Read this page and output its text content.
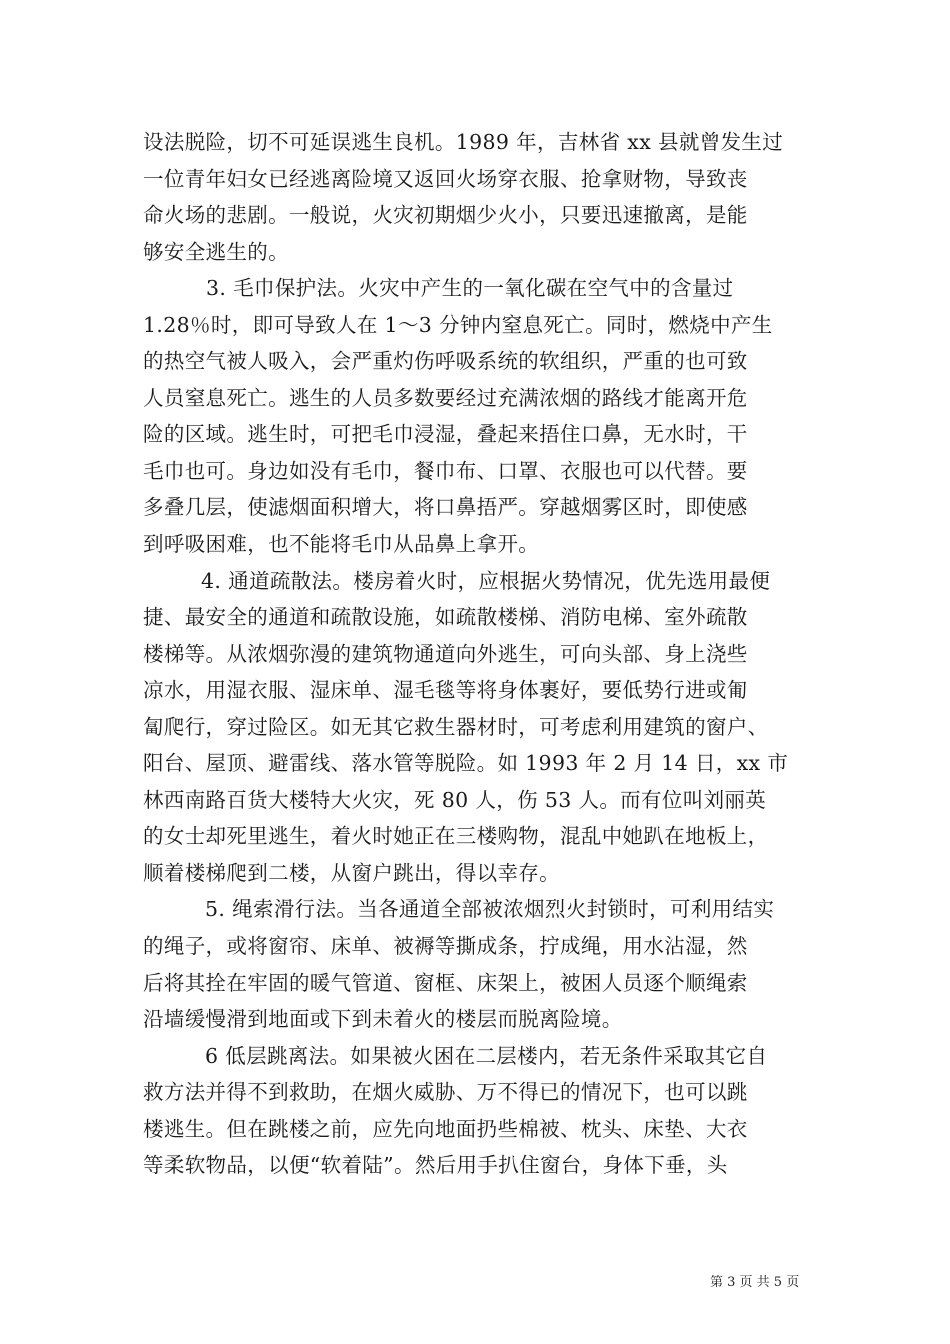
设法脱险，切不可延误逃生良机。1989 年，吉林省 xx 县就曾发生过
一位青年妇女已经逃离险境又返回火场穿衣服、抢拿财物，导致丧
命火场的悲剧。一般说，火灾初期烟少火小，只要迅速撤离，是能
够安全逃生的。
3. 毛巾保护法。火灾中产生的一氧化碳在空气中的含量过
1.28％时，即可导致人在 1～3 分钟内窒息死亡。同时，燃烧中产生
的热空气被人吸入，会严重灼伤呼吸系统的软组织，严重的也可致
人员窒息死亡。逃生的人员多数要经过充满浓烟的路线才能离开危
险的区域。逃生时，可把毛巾浸湿，叠起来捂住口鼻，无水时，干
毛巾也可。身边如没有毛巾，餐巾布、口罩、衣服也可以代替。要
多叠几层，使滤烟面积增大，将口鼻捂严。穿越烟雾区时，即使感
到呼吸困难，也不能将毛巾从品鼻上拿开。
4. 通道疏散法。楼房着火时，应根据火势情况，优先选用最便
捷、最安全的通道和疏散设施，如疏散楼梯、消防电梯、室外疏散
楼梯等。从浓烟弥漫的建筑物通道向外逃生，可向头部、身上浇些
凉水，用湿衣服、湿床单、湿毛毯等将身体裹好，要低势行进或匍
匐爬行，穿过险区。如无其它救生器材时，可考虑利用建筑的窗户、
阳台、屋顶、避雷线、落水管等脱险。如 1993 年 2 月 14 日，xx 市
林西南路百货大楼特大火灾，死 80 人，伤 53 人。而有位叫刘丽英
的女士却死里逃生，着火时她正在三楼购物，混乱中她趴在地板上，
顺着楼梯爬到二楼，从窗户跳出，得以幸存。
5. 绳索滑行法。当各通道全部被浓烟烈火封锁时，可利用结实
的绳子，或将窗帘、床单、被褥等撕成条，拧成绳，用水沾湿，然
后将其拴在牢固的暖气管道、窗框、床架上，被困人员逐个顺绳索
沿墙缓慢滑到地面或下到未着火的楼层而脱离险境。
6 低层跳离法。如果被火困在二层楼内，若无条件采取其它自
救方法并得不到救助，在烟火威胁、万不得已的情况下，也可以跳
楼逃生。但在跳楼之前，应先向地面扔些棉被、枕头、床垫、大衣
等柔软物品，以便“软着陆”。然后用手扒住窗台，身体下垂，头
第 3 页 共 5 页
